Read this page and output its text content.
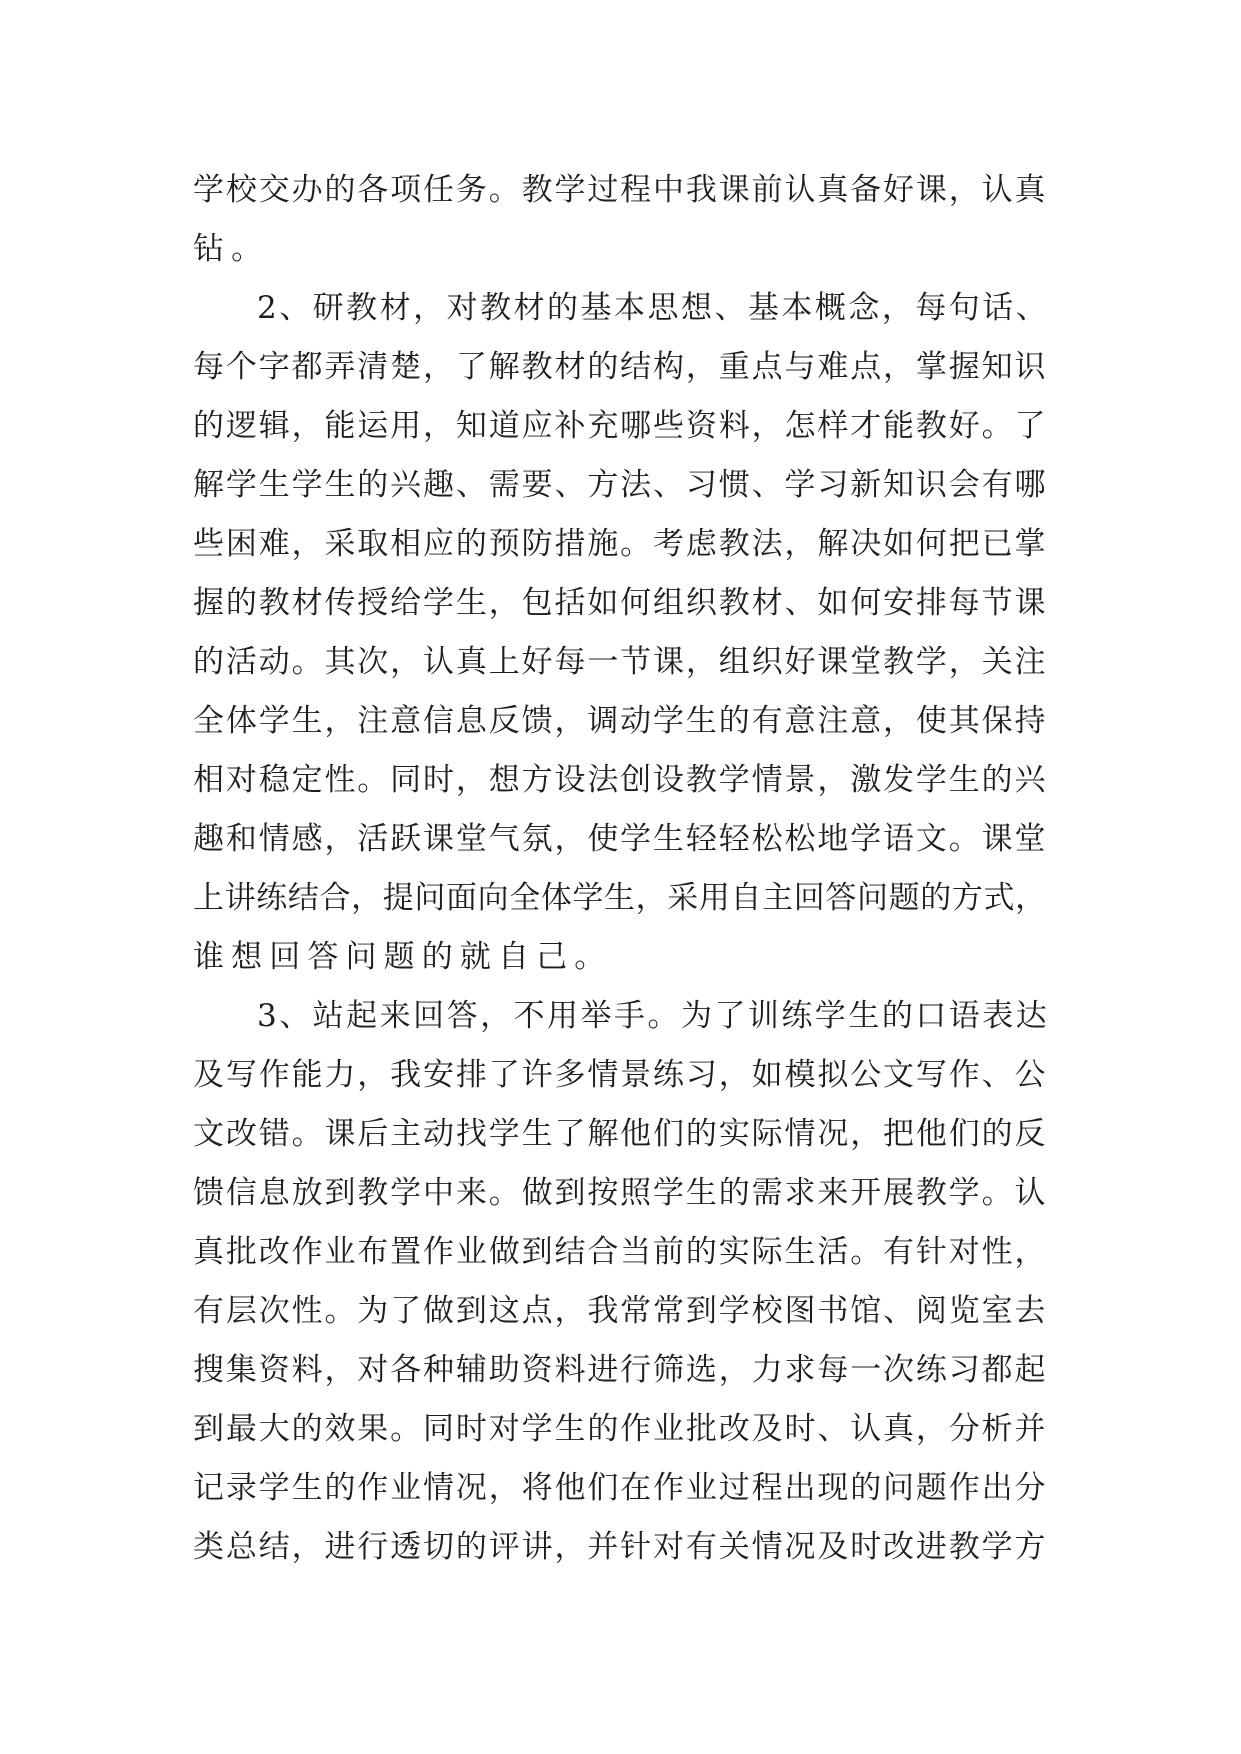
学校交办的各项任务。教学过程中我课前认真备好课，认真
钻。
2、研教材，对教材的基本思想、基本概念，每句话、
每个字都弄清楚，了解教材的结构，重点与难点，掌握知识
的逻辑，能运用，知道应补充哪些资料，怎样才能教好。了
解学生学生的兴趣、需要、方法、习惯、学习新知识会有哪
些困难，采取相应的预防措施。考虑教法，解决如何把已掌
握的教材传授给学生，包括如何组织教材、如何安排每节课
的活动。其次，认真上好每一节课，组织好课堂教学，关注
全体学生，注意信息反馈，调动学生的有意注意，使其保持
相对稳定性。同时，想方设法创设教学情景，激发学生的兴
趣和情感，活跃课堂气氛，使学生轻轻松松地学语文。课堂
上讲练结合，提问面向全体学生，采用自主回答问题的方式，
谁想回答问题的就自己。
3、站起来回答，不用举手。为了训练学生的口语表达
及写作能力，我安排了许多情景练习，如模拟公文写作、公
文改错。课后主动找学生了解他们的实际情况，把他们的反
馈信息放到教学中来。做到按照学生的需求来开展教学。认
真批改作业布置作业做到结合当前的实际生活。有针对性，
有层次性。为了做到这点，我常常到学校图书馆、阅览室去
搜集资料，对各种辅助资料进行筛选，力求每一次练习都起
到最大的效果。同时对学生的作业批改及时、认真，分析并
记录学生的作业情况，将他们在作业过程出现的问题作出分
类总结，进行透切的评讲，并针对有关情况及时改进教学方
